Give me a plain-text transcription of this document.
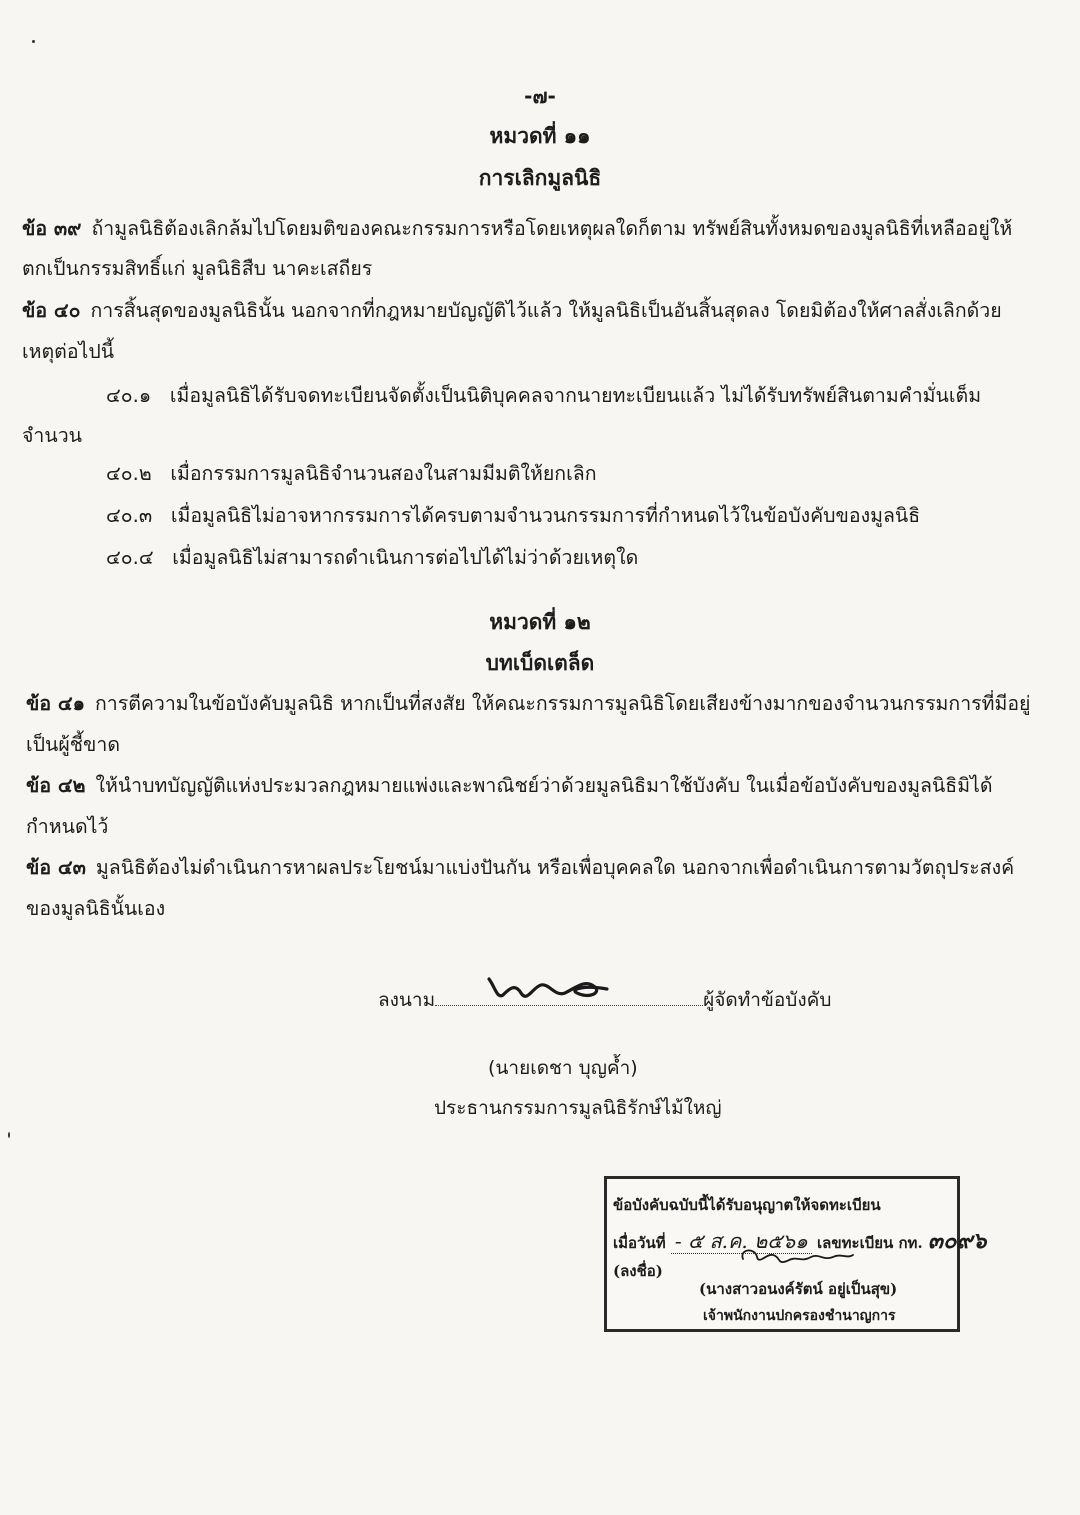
-๗-
หมวดที่ ๑๑
การเลิกมูลนิธิ
ข้อ ๓๙ ถ้ามูลนิธิต้องเลิกล้มไปโดยมติของคณะกรรมการหรือโดยเหตุผลใดก็ตาม ทรัพย์สินทั้งหมดของมูลนิธิที่เหลืออยู่ให้
ตกเป็นกรรมสิทธิ์แก่ มูลนิธิสืบ นาคะเสถียร
ข้อ ๔๐ การสิ้นสุดของมูลนิธินั้น นอกจากที่กฎหมายบัญญัติไว้แล้ว ให้มูลนิธิเป็นอันสิ้นสุดลง โดยมิต้องให้ศาลสั่งเลิกด้วย
เหตุต่อไปนี้
๔๐.๑ เมื่อมูลนิธิได้รับจดทะเบียนจัดตั้งเป็นนิติบุคคลจากนายทะเบียนแล้ว ไม่ได้รับทรัพย์สินตามคำมั่นเต็ม
จำนวน
๔๐.๒ เมื่อกรรมการมูลนิธิจำนวนสองในสามมีมติให้ยกเลิก
๔๐.๓ เมื่อมูลนิธิไม่อาจหากรรมการได้ครบตามจำนวนกรรมการที่กำหนดไว้ในข้อบังคับของมูลนิธิ
๔๐.๔ เมื่อมูลนิธิไม่สามารถดำเนินการต่อไปได้ไม่ว่าด้วยเหตุใด
หมวดที่ ๑๒
บทเบ็ดเตล็ด
ข้อ ๔๑ การตีความในข้อบังคับมูลนิธิ หากเป็นที่สงสัย ให้คณะกรรมการมูลนิธิโดยเสียงข้างมากของจำนวนกรรมการที่มีอยู่
เป็นผู้ชี้ขาด
ข้อ ๔๒ ให้นำบทบัญญัติแห่งประมวลกฎหมายแพ่งและพาณิชย์ว่าด้วยมูลนิธิมาใช้บังคับ ในเมื่อข้อบังคับของมูลนิธิมิได้
กำหนดไว้
ข้อ ๔๓ มูลนิธิต้องไม่ดำเนินการหาผลประโยชน์มาแบ่งปันกัน หรือเพื่อบุคคลใด นอกจากเพื่อดำเนินการตามวัตถุประสงค์
ของมูลนิธินั้นเอง
ลงนาม	ผู้จัดทำข้อบังคับ
(นายเดชา บุญค้ำ)
ประธานกรรมการมูลนิธิรักษ์ไม้ใหญ่
ข้อบังคับฉบับนี้ได้รับอนุญาตให้จดทะเบียน
เมื่อวันที่ - ๕ ส.ค. ๒๕๖๑ เลขทะเบียน กท. ๓๐๙๖
(ลงชื่อ)
(นางสาวอนงค์รัตน์ อยู่เป็นสุข)
เจ้าพนักงานปกครองชำนาญการ
